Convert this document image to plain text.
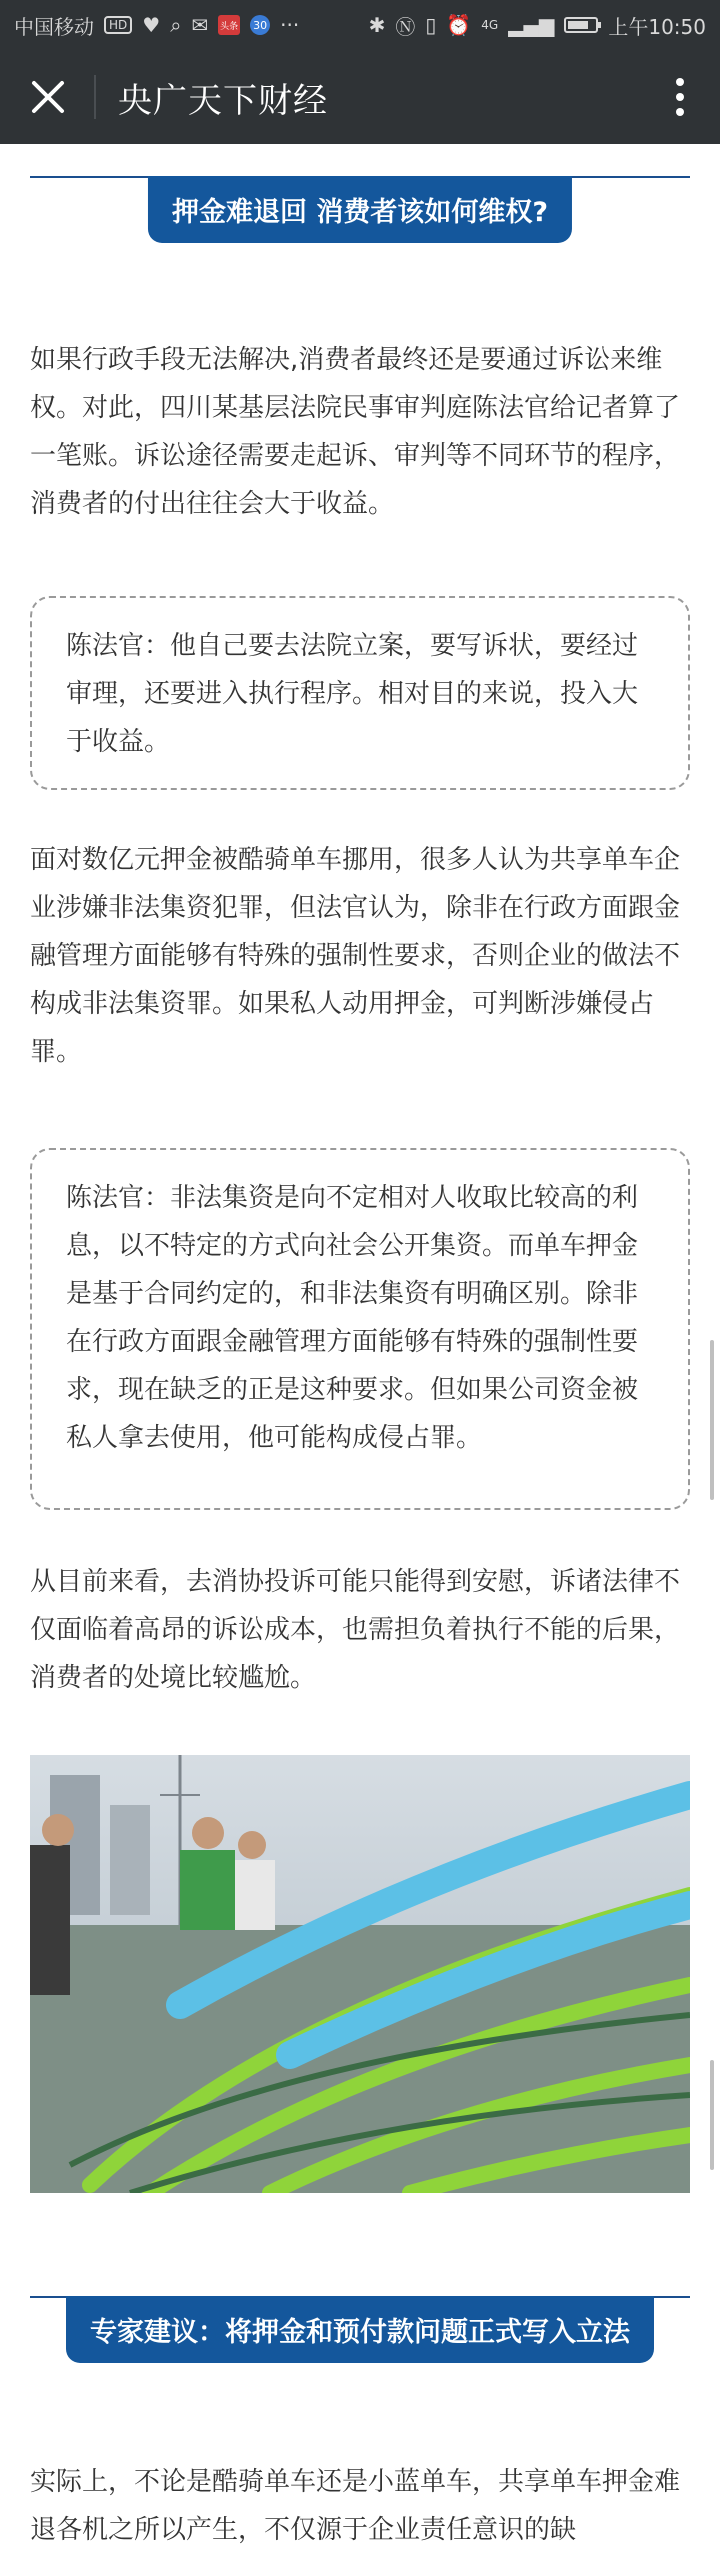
中国移动	HD ♥ ⌕ ✉ 头条 30 ···	✱ Ⓝ ▯ ⏰ 4G ▂▄▆	上午10:50
央广天下财经
押金难退回 消费者该如何维权?
如果行政手段无法解决,消费者最终还是要通过诉讼来维权。对此，四川某基层法院民事审判庭陈法官给记者算了一笔账。诉讼途径需要走起诉、审判等不同环节的程序，消费者的付出往往会大于收益。
陈法官：他自己要去法院立案，要写诉状，要经过审理，还要进入执行程序。相对目的来说，投入大于收益。
面对数亿元押金被酷骑单车挪用，很多人认为共享单车企业涉嫌非法集资犯罪，但法官认为，除非在行政方面跟金融管理方面能够有特殊的强制性要求，否则企业的做法不构成非法集资罪。如果私人动用押金，可判断涉嫌侵占罪。
陈法官：非法集资是向不定相对人收取比较高的利息，以不特定的方式向社会公开集资。而单车押金是基于合同约定的，和非法集资有明确区别。除非在行政方面跟金融管理方面能够有特殊的强制性要求，现在缺乏的正是这种要求。但如果公司资金被私人拿去使用，他可能构成侵占罪。
从目前来看，去消协投诉可能只能得到安慰，诉诸法律不仅面临着高昂的诉讼成本，也需担负着执行不能的后果，消费者的处境比较尴尬。
专家建议：将押金和预付款问题正式写入立法
实际上，不论是酷骑单车还是小蓝单车，共享单车押金难退各机之所以产生，不仅源于企业责任意识的缺
